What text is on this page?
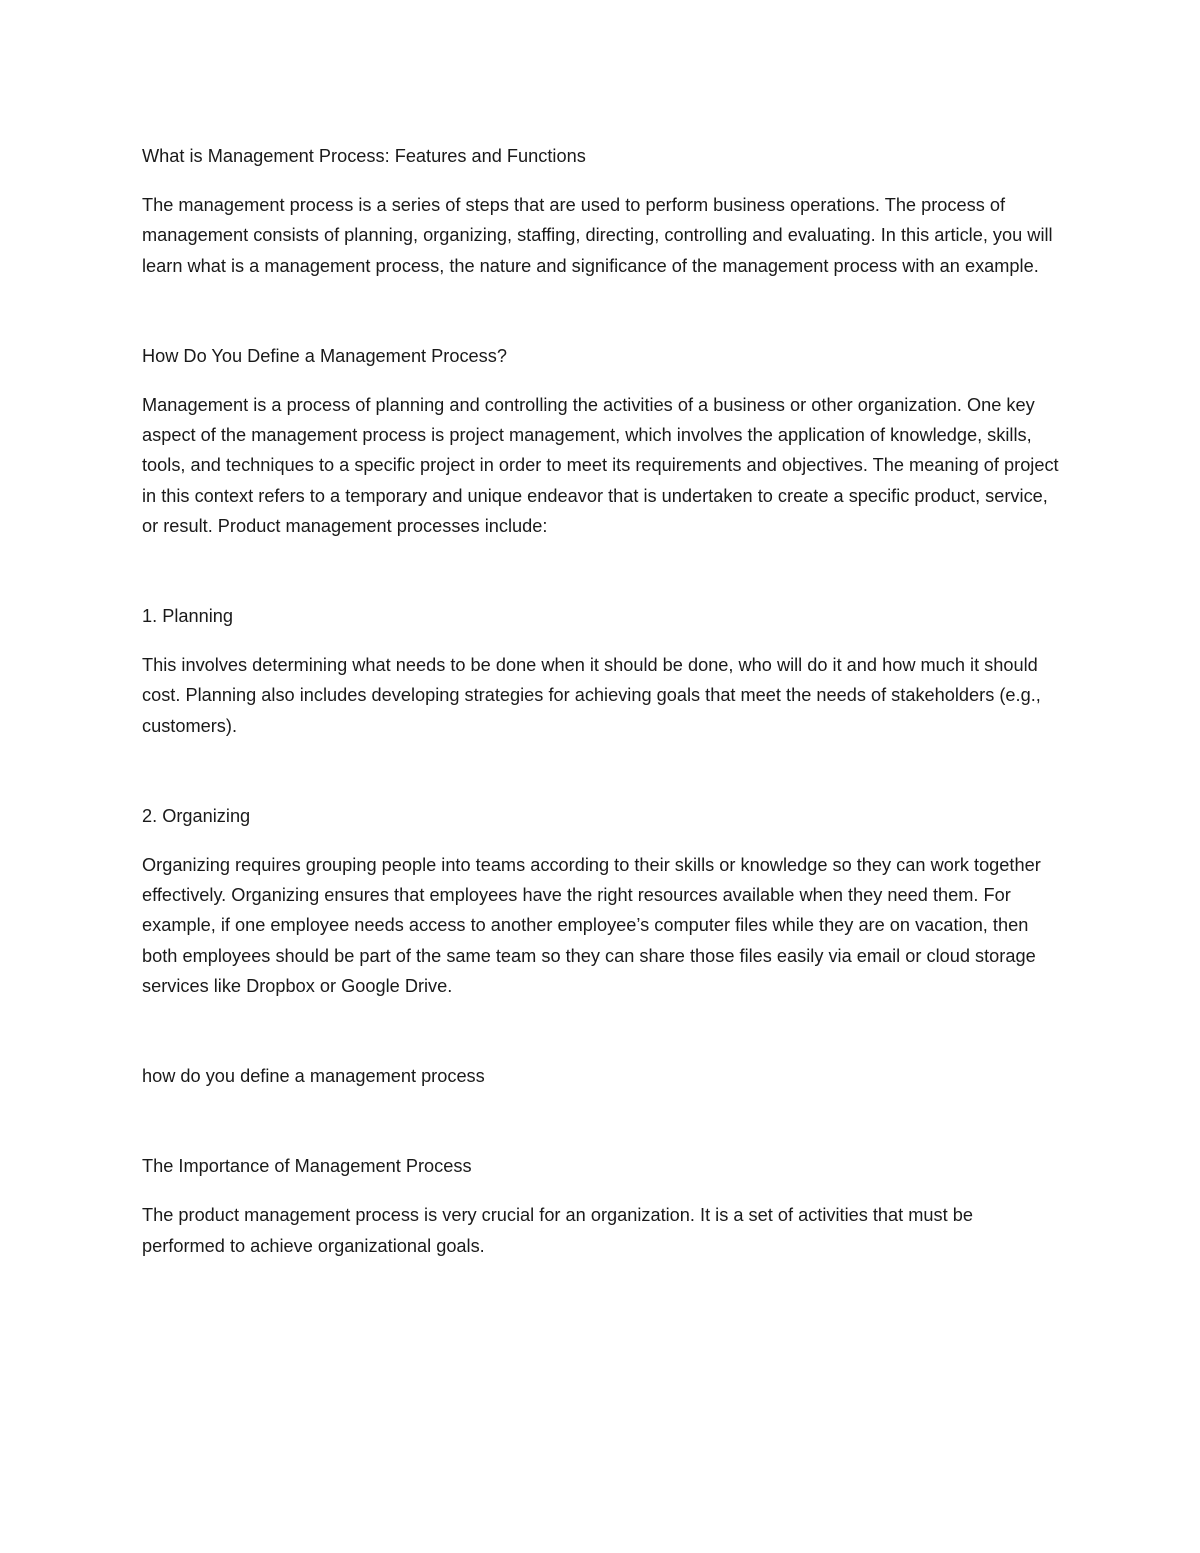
What is Management Process: Features and Functions

The management process is a series of steps that are used to perform business operations. The process of management consists of planning, organizing, staffing, directing, controlling and evaluating. In this article, you will learn what is a management process, the nature and significance of the management process with an example.

How Do You Define a Management Process?

Management is a process of planning and controlling the activities of a business or other organization. One key aspect of the management process is project management, which involves the application of knowledge, skills, tools, and techniques to a specific project in order to meet its requirements and objectives. The meaning of project in this context refers to a temporary and unique endeavor that is undertaken to create a specific product, service, or result. Product management processes include:

1. Planning

This involves determining what needs to be done when it should be done, who will do it and how much it should cost. Planning also includes developing strategies for achieving goals that meet the needs of stakeholders (e.g., customers).

2. Organizing

Organizing requires grouping people into teams according to their skills or knowledge so they can work together effectively. Organizing ensures that employees have the right resources available when they need them. For example, if one employee needs access to another employee’s computer files while they are on vacation, then both employees should be part of the same team so they can share those files easily via email or cloud storage services like Dropbox or Google Drive.

how do you define a management process

The Importance of Management Process

The product management process is very crucial for an organization. It is a set of activities that must be performed to achieve organizational goals.
